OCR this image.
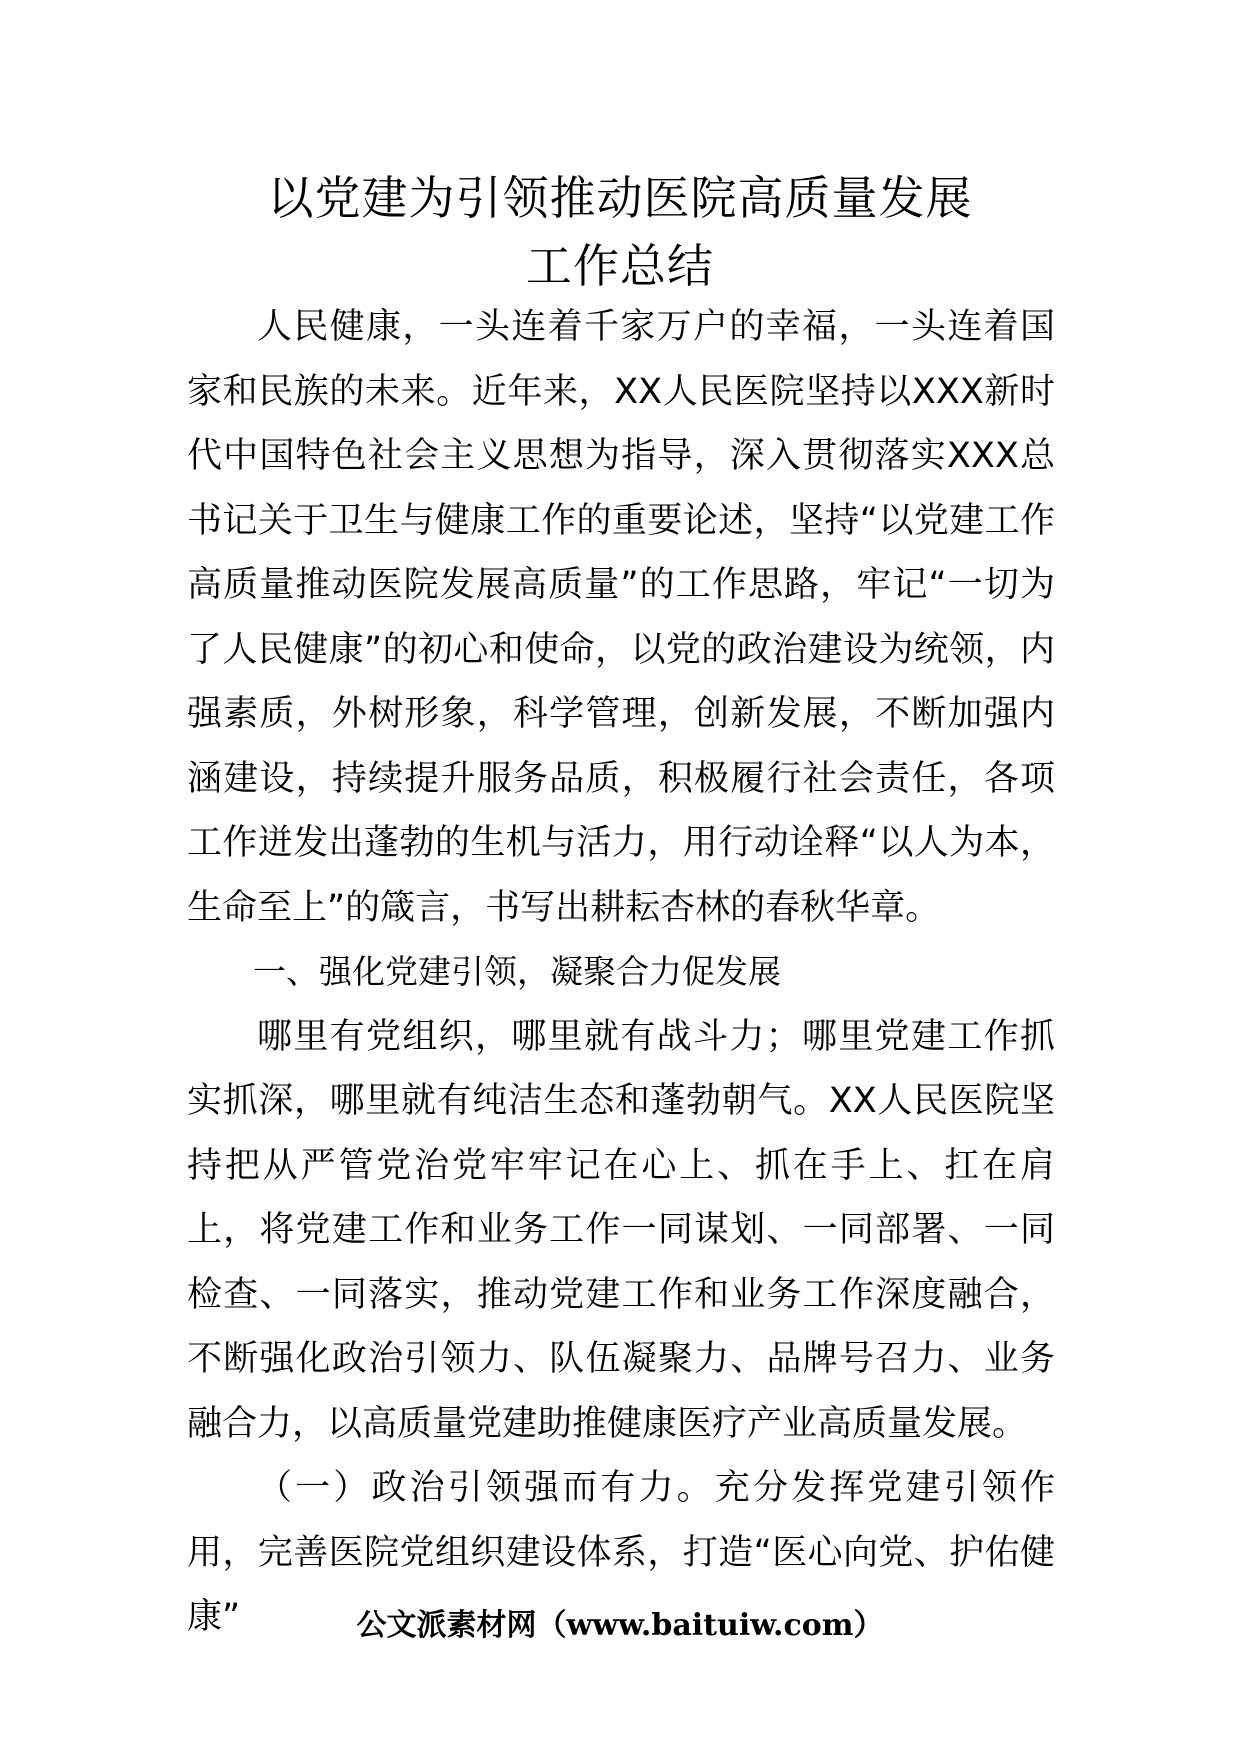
以党建为引领推动医院高质量发展
工作总结

人民健康，一头连着千家万户的幸福，一头连着国家和民族的未来。近年来，XX人民医院坚持以XXX新时代中国特色社会主义思想为指导，深入贯彻落实XXX总书记关于卫生与健康工作的重要论述，坚持“以党建工作高质量推动医院发展高质量”的工作思路，牢记“一切为了人民健康”的初心和使命，以党的政治建设为统领，内强素质，外树形象，科学管理，创新发展，不断加强内涵建设，持续提升服务品质，积极履行社会责任，各项工作迸发出蓬勃的生机与活力，用行动诠释“以人为本，生命至上”的箴言，书写出耕耘杏林的春秋华章。

一、强化党建引领，凝聚合力促发展

哪里有党组织，哪里就有战斗力；哪里党建工作抓实抓深，哪里就有纯洁生态和蓬勃朝气。XX人民医院坚持把从严管党治党牢牢记在心上、抓在手上、扛在肩上，将党建工作和业务工作一同谋划、一同部署、一同检查、一同落实，推动党建工作和业务工作深度融合，不断强化政治引领力、队伍凝聚力、品牌号召力、业务融合力，以高质量党建助推健康医疗产业高质量发展。

（一）政治引领强而有力。充分发挥党建引领作用，完善医院党组织建设体系，打造“医心向党、护佑健康”	公文派素材网（www.baituiw.com）
